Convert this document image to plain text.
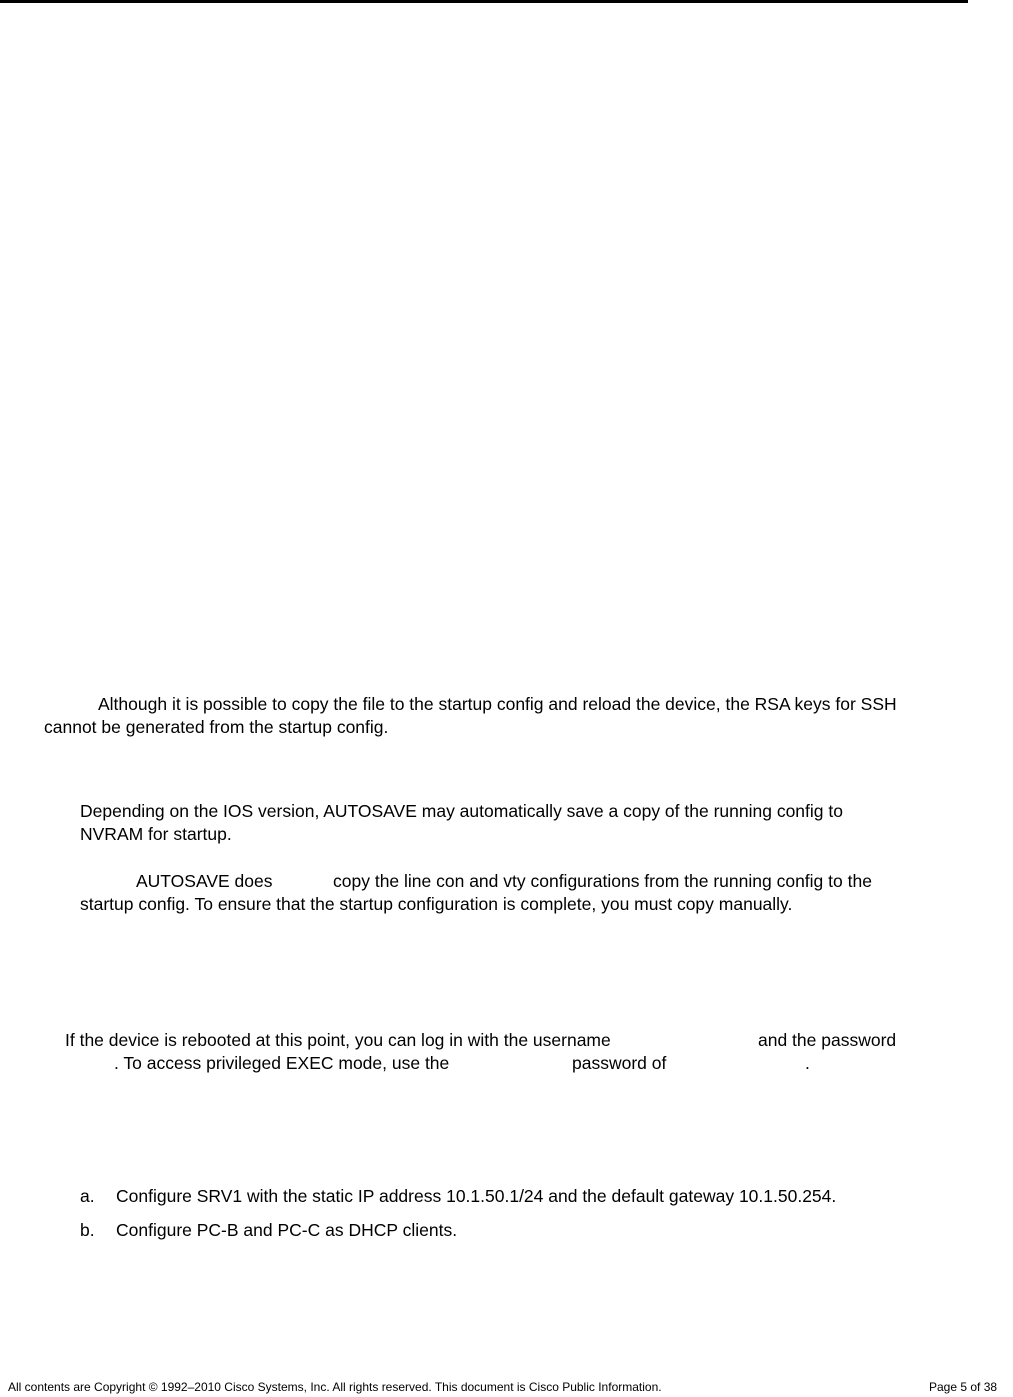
Although it is possible to copy the file to the startup config and reload the device, the RSA keys for SSH
cannot be generated from the startup config.
Depending on the IOS version, AUTOSAVE may automatically save a copy of the running config to
NVRAM for startup.
AUTOSAVE does	copy the line con and vty configurations from the running config to the
startup config. To ensure that the startup configuration is complete, you must copy manually.
If the device is rebooted at this point, you can log in with the username	and the password
. To access privileged EXEC mode, use the	password of	.
a. Configure SRV1 with the static IP address 10.1.50.1/24 and the default gateway 10.1.50.254.
b. Configure PC-B and PC-C as DHCP clients.
All contents are Copyright © 1992–2010 Cisco Systems, Inc. All rights reserved. This document is Cisco Public Information.	Page 5 of 38
